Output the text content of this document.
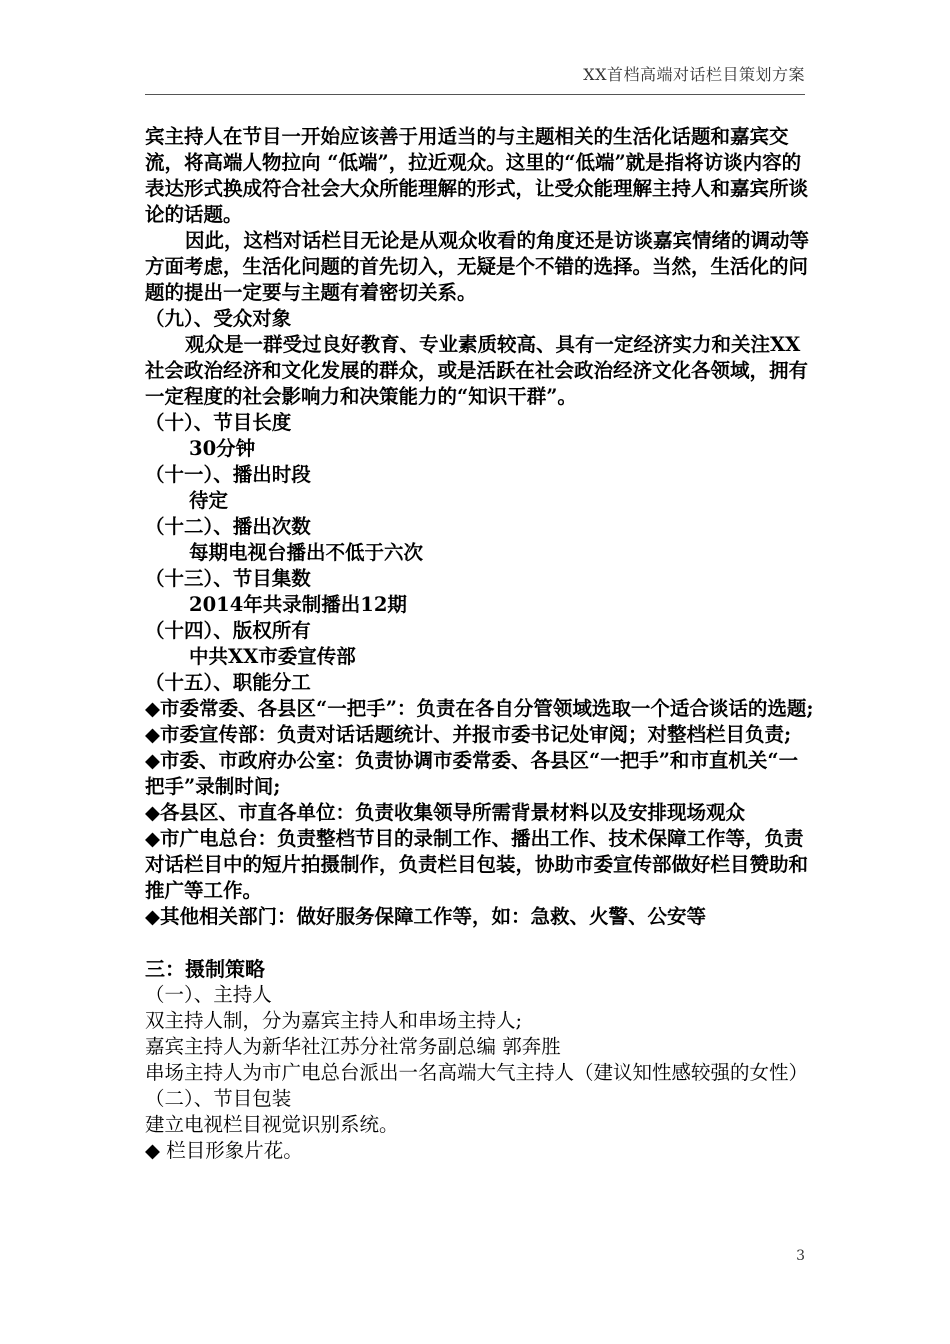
XX首档高端对话栏目策划方案

宾主持人在节目一开始应该善于用适当的与主题相关的生活化话题和嘉宾交流，将高端人物拉向 “低端”，拉近观众。这里的“低端”就是指将访谈内容的表达形式换成符合社会大众所能理解的形式，让受众能理解主持人和嘉宾所谈论的话题。

因此，这档对话栏目无论是从观众收看的角度还是访谈嘉宾情绪的调动等方面考虑，生活化问题的首先切入，无疑是个不错的选择。当然，生活化的问题的提出一定要与主题有着密切关系。

（九）、受众对象

观众是一群受过良好教育、专业素质较高、具有一定经济实力和关注XX社会政治经济和文化发展的群众，或是活跃在社会政治经济文化各领域，拥有一定程度的社会影响力和决策能力的“知识干群”。

（十）、节目长度

30分钟

（十一）、播出时段

待定

（十二）、播出次数

每期电视台播出不低于六次

（十三）、节目集数

2014年共录制播出12期

（十四）、版权所有

中共XX市委宣传部

（十五）、职能分工

◆市委常委、各县区“一把手”：负责在各自分管领域选取一个适合谈话的选题;

◆市委宣传部：负责对话话题统计、并报市委书记处审阅；对整档栏目负责;

◆市委、市政府办公室：负责协调市委常委、各县区“一把手”和市直机关“一把手”录制时间;

◆各县区、市直各单位：负责收集领导所需背景材料以及安排现场观众

◆市广电总台：负责整档节目的录制工作、播出工作、技术保障工作等，负责对话栏目中的短片拍摄制作，负责栏目包装，协助市委宣传部做好栏目赞助和推广等工作。

◆其他相关部门：做好服务保障工作等，如：急救、火警、公安等

三：摄制策略

（一）、主持人

双主持人制，分为嘉宾主持人和串场主持人;

嘉宾主持人为新华社江苏分社常务副总编 郭奔胜

串场主持人为市广电总台派出一名高端大气主持人（建议知性感较强的女性）

（二）、节目包装

建立电视栏目视觉识别系统。

◆ 栏目形象片花。

3
